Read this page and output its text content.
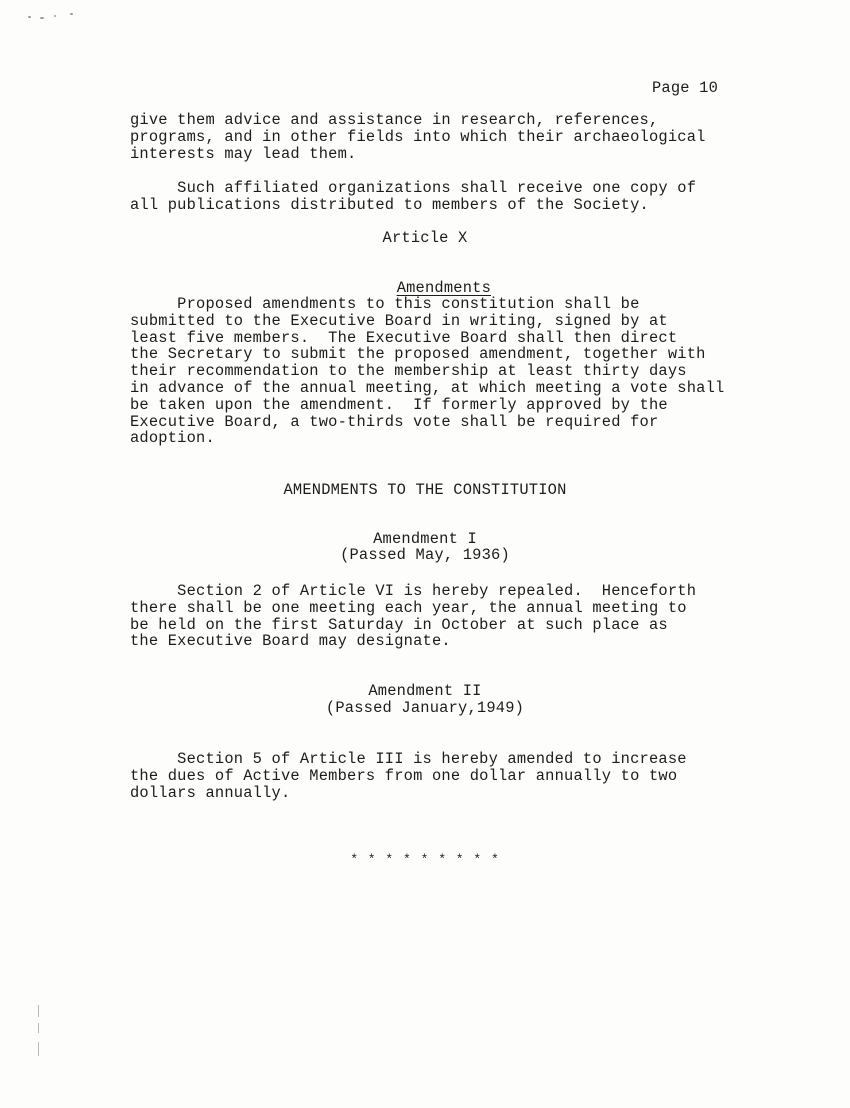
Page 10
give them advice and assistance in research, references,
programs, and in other fields into which their archaeological
interests may lead them.
Such affiliated organizations shall receive one copy of
all publications distributed to members of the Society.
Article X

Amendments

Proposed amendments to this constitution shall be
submitted to the Executive Board in writing, signed by at
least five members.  The Executive Board shall then direct
the Secretary to submit the proposed amendment, together with
their recommendation to the membership at least thirty days
in advance of the annual meeting, at which meeting a vote shall
be taken upon the amendment.  If formerly approved by the
Executive Board, a two-thirds vote shall be required for
adoption.
AMENDMENTS TO THE CONSTITUTION
Amendment I
(Passed May, 1936)
Section 2 of Article VI is hereby repealed.  Henceforth
there shall be one meeting each year, the annual meeting to
be held on the first Saturday in October at such place as
the Executive Board may designate.
Amendment II
(Passed January,1949)
Section 5 of Article III is hereby amended to increase
the dues of Active Members from one dollar annually to two
dollars annually.
* * * * * * * * *
